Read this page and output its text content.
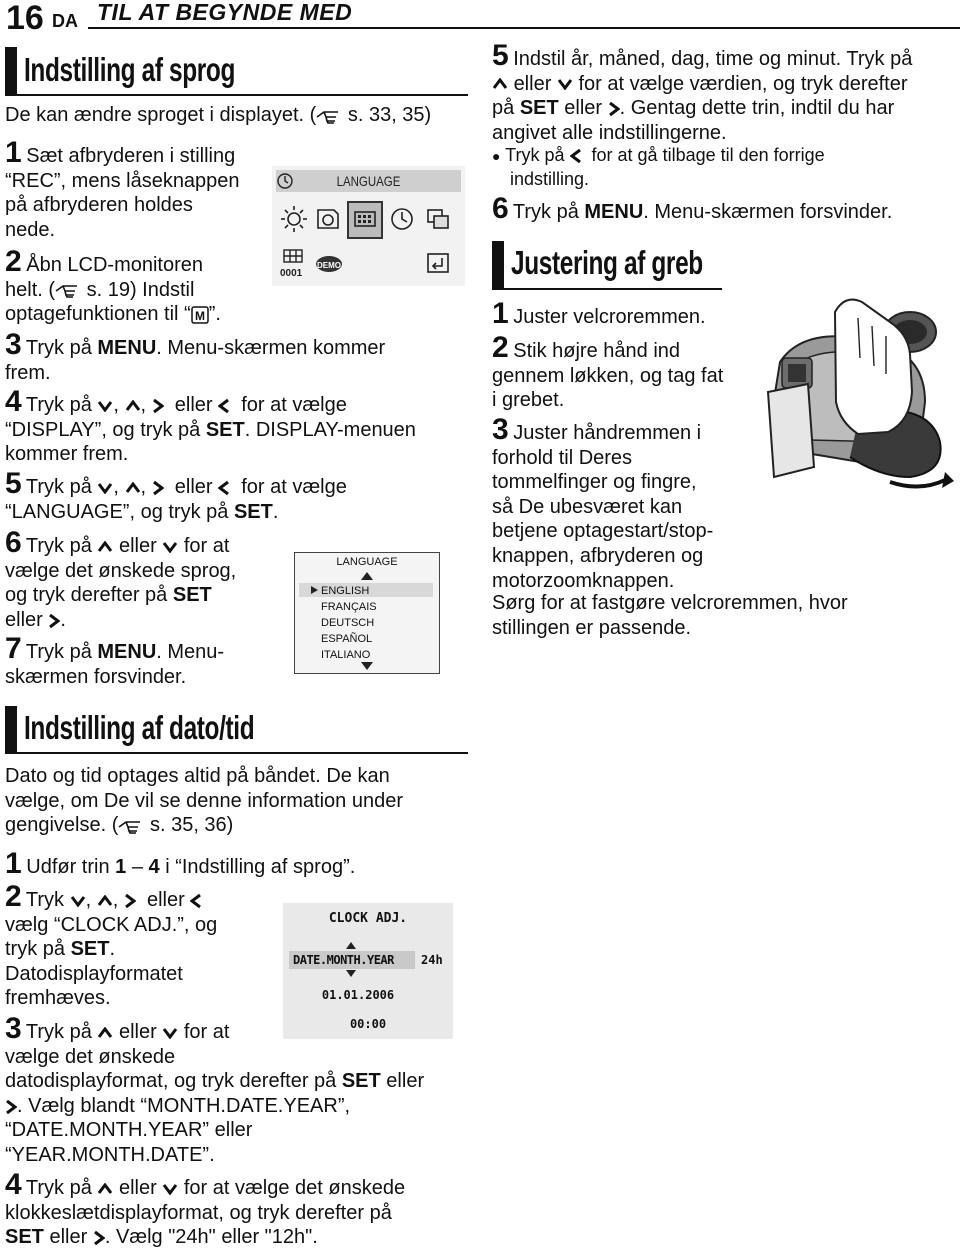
16 DA TIL AT BEGYNDE MED
Indstilling af sprog
De kan ændre sproget i displayet. (
s. 33, 35)
1 Sæt afbryderen i stilling
“REC”, mens låseknappen
på afbryderen holdes
nede.
2 Åbn LCD-monitoren
helt. (
s. 19) Indstil
optagefunktionen til “ M ”.
3 Tryk på MENU. Menu-skærmen kommer
frem.
4 Tryk på
, , eller for at vælge
“DISPLAY”, og tryk på SET. DISPLAY-menuen
kommer frem.
5 Tryk på
, , eller for at vælge
“LANGUAGE”, og tryk på SET.
6 Tryk på eller for at
vælge det ønskede sprog,
og tryk derefter på SET
eller .
7 Tryk på MENU. Menu-
skærmen forsvinder.
0001
DEMO
LANGUAGE
LANGUAGE
ENGLISH
FRANÇAIS
DEUTSCH
ESPAÑOL
ITALIANO
Indstilling af dato/tid
Dato og tid optages altid på båndet. De kan
vælge, om De vil se denne information under
gengivelse. (
s. 35, 36)
1 Udfør trin 1 – 4 i “Indstilling af sprog”.
2 Tryk , , eller

vælg “CLOCK ADJ.”, og
tryk på SET.
Datodisplayformatet
fremhæves.
3 Tryk på eller for at
vælge det ønskede
datodisplayformat, og tryk derefter på SET eller

. Vælg blandt “MONTH.DATE.YEAR”,
“DATE.MONTH.YEAR” eller
“YEAR.MONTH.DATE”.
4 Tryk på eller for at vælge det ønskede
klokkeslætdisplayformat, og tryk derefter på
SET eller . Vælg "24h" eller "12h".
CLOCK ADJ.
DATE.MONTH.YEAR 24h
01.01.2006
00:00
5 Indstil år, måned, dag, time og minut. Tryk på

eller for at vælge værdien, og tryk derefter
på SET eller . Gentag dette trin, indtil du har
angivet alle indstillingerne.
● Tryk på for at gå tilbage til den forrige
indstilling.
6 Tryk på MENU. Menu-skærmen forsvinder.
Justering af greb
1 Juster velcroremmen.
2 Stik højre hånd ind
gennem løkken, og tag fat
i grebet.
3 Juster håndremmen i
forhold til Deres
tommelfinger og fingre,
så De ubesværet kan
betjene optagestart/stop-
knappen, afbryderen og
motorzoomknappen.
Sørg for at fastgøre velcroremmen, hvor
stillingen er passende.
